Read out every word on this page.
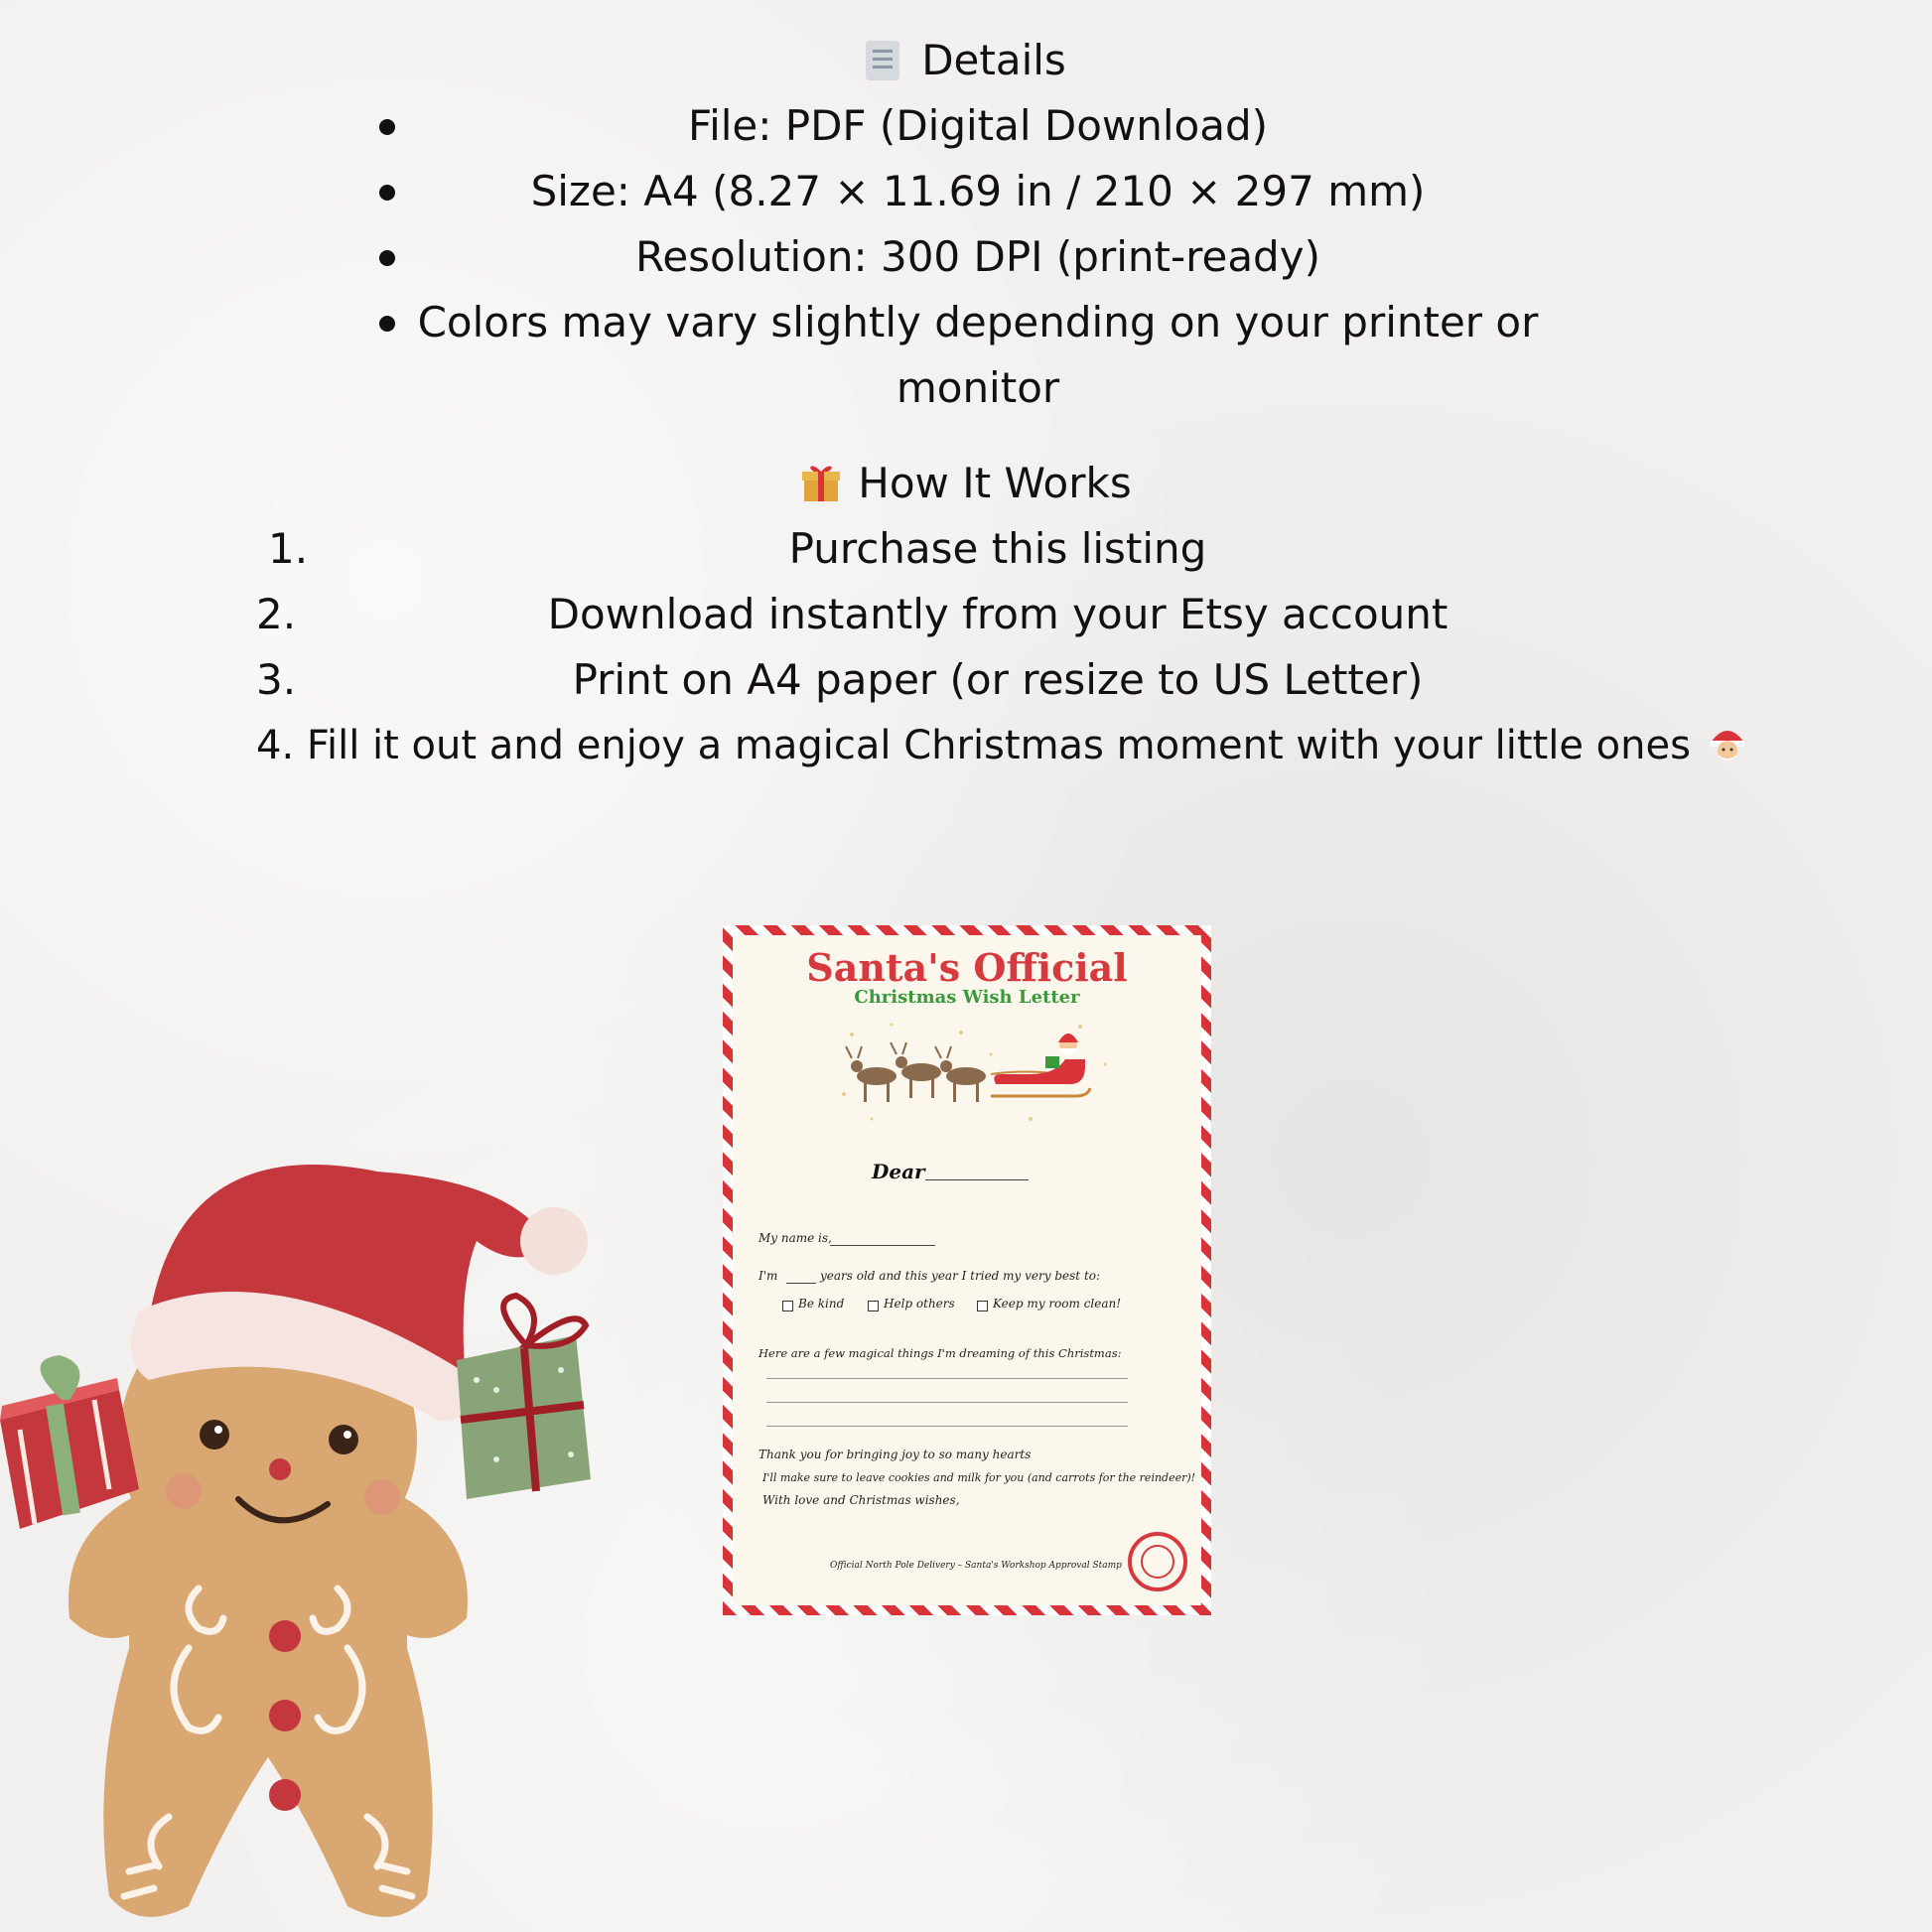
Details
File: PDF (Digital Download)
Size: A4 (8.27 × 11.69 in / 210 × 297 mm)
Resolution: 300 DPI (print-ready)
Colors may vary slightly depending on your printer or
monitor
How It Works
1.	Purchase this listing
2.	Download instantly from your Etsy account
3.	Print on A4 paper (or resize to US Letter)
4. Fill it out and enjoy a magical Christmas moment with your little ones
Santa's Official
Christmas Wish Letter
Dear
My name is,
I'm	years old and this year I tried my very best to:
Be kind	Help others	Keep my room clean!
Here are a few magical things I'm dreaming of this Christmas:
Thank you for bringing joy to so many hearts
I'll make sure to leave cookies and milk for you (and carrots for the reindeer)!
With love and Christmas wishes,
Official North Pole Delivery – Santa's Workshop Approval Stamp
